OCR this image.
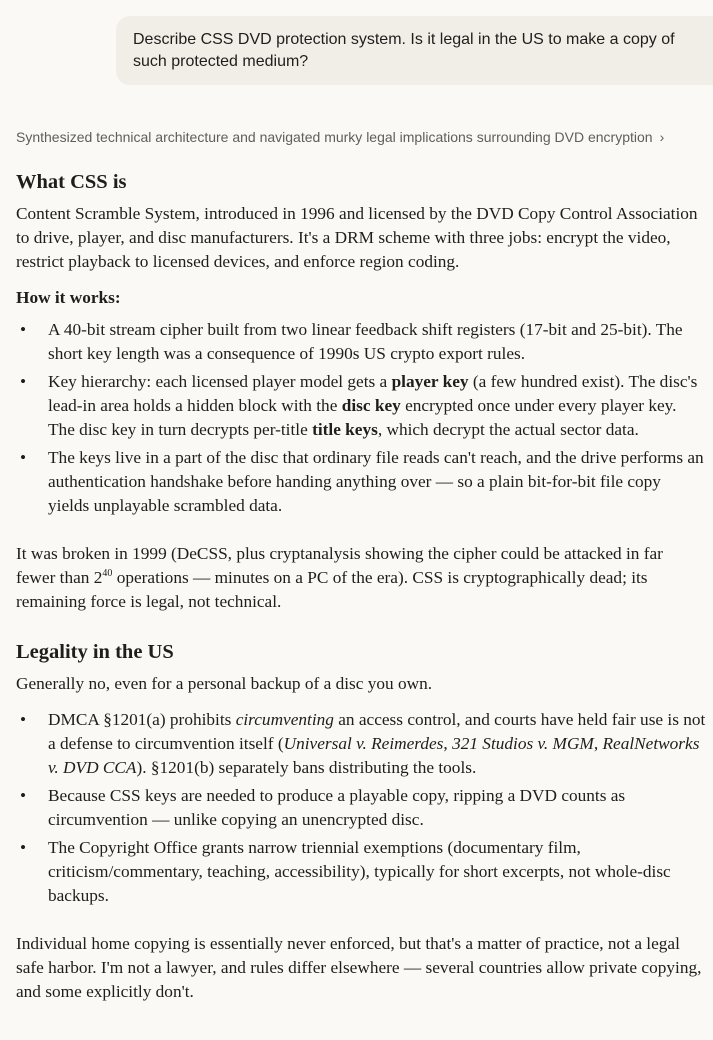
Describe CSS DVD protection system. Is it legal in the US to make a copy of such protected medium?
Synthesized technical architecture and navigated murky legal implications surrounding DVD encryption ›
What CSS is

Content Scramble System, introduced in 1996 and licensed by the DVD Copy Control Association to drive, player, and disc manufacturers. It's a DRM scheme with three jobs: encrypt the video, restrict playback to licensed devices, and enforce region coding.

How it works:

• A 40-bit stream cipher built from two linear feedback shift registers (17-bit and 25-bit). The short key length was a consequence of 1990s US crypto export rules.
• Key hierarchy: each licensed player model gets a player key (a few hundred exist). The disc's lead-in area holds a hidden block with the disc key encrypted once under every player key. The disc key in turn decrypts per-title title keys, which decrypt the actual sector data.
• The keys live in a part of the disc that ordinary file reads can't reach, and the drive performs an authentication handshake before handing anything over — so a plain bit-for-bit file copy yields unplayable scrambled data.

It was broken in 1999 (DeCSS, plus cryptanalysis showing the cipher could be attacked in far fewer than $2^{40}$ operations — minutes on a PC of the era). CSS is cryptographically dead; its remaining force is legal, not technical.

Legality in the US

Generally no, even for a personal backup of a disc you own.

• DMCA §1201(a) prohibits circumventing an access control, and courts have held fair use is not a defense to circumvention itself (Universal v. Reimerdes, 321 Studios v. MGM, RealNetworks v. DVD CCA). §1201(b) separately bans distributing the tools.
• Because CSS keys are needed to produce a playable copy, ripping a DVD counts as circumvention — unlike copying an unencrypted disc.
• The Copyright Office grants narrow triennial exemptions (documentary film, criticism/commentary, teaching, accessibility), typically for short excerpts, not whole-disc backups.

Individual home copying is essentially never enforced, but that's a matter of practice, not a legal safe harbor. I'm not a lawyer, and rules differ elsewhere — several countries allow private copying, and some explicitly don't.
